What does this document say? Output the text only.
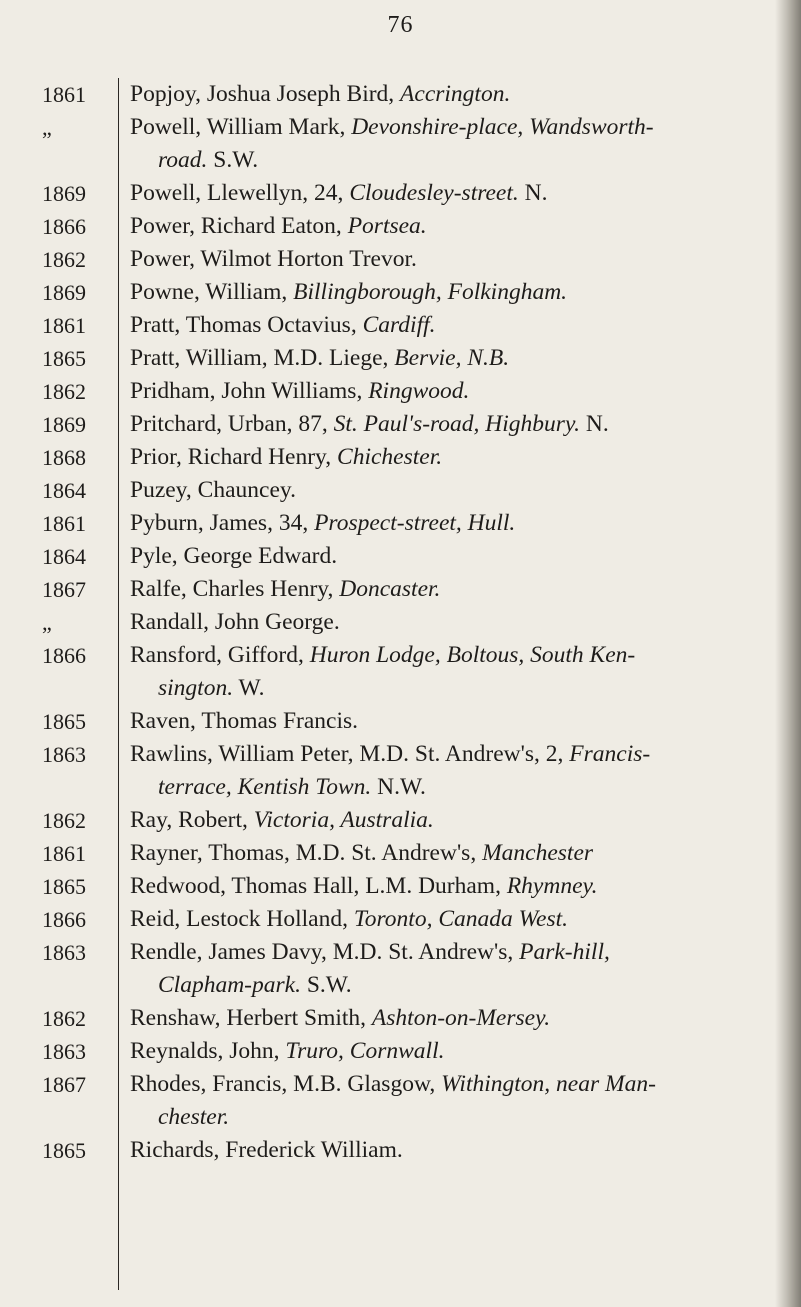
76
1861	Popjoy, Joshua Joseph Bird, Accrington.
„	Powell, William Mark, Devonshire-place, Wandsworth-
road. S.W.
1869	Powell, Llewellyn, 24, Cloudesley-street. N.
1866	Power, Richard Eaton, Portsea.
1862	Power, Wilmot Horton Trevor.
1869	Powne, William, Billingborough, Folkingham.
1861	Pratt, Thomas Octavius, Cardiff.
1865	Pratt, William, M.D. Liege, Bervie, N.B.
1862	Pridham, John Williams, Ringwood.
1869	Pritchard, Urban, 87, St. Paul's-road, Highbury. N.
1868	Prior, Richard Henry, Chichester.
1864	Puzey, Chauncey.
1861	Pyburn, James, 34, Prospect-street, Hull.
1864	Pyle, George Edward.
1867	Ralfe, Charles Henry, Doncaster.
„	Randall, John George.
1866	Ransford, Gifford, Huron Lodge, Boltous, South Ken-
sington. W.
1865	Raven, Thomas Francis.
1863	Rawlins, William Peter, M.D. St. Andrew's, 2, Francis-
terrace, Kentish Town. N.W.
1862	Ray, Robert, Victoria, Australia.
1861	Rayner, Thomas, M.D. St. Andrew's, Manchester
1865	Redwood, Thomas Hall, L.M. Durham, Rhymney.
1866	Reid, Lestock Holland, Toronto, Canada West.
1863	Rendle, James Davy, M.D. St. Andrew's, Park-hill,
Clapham-park. S.W.
1862	Renshaw, Herbert Smith, Ashton-on-Mersey.
1863	Reynalds, John, Truro, Cornwall.
1867	Rhodes, Francis, M.B. Glasgow, Withington, near Man-
chester.
1865	Richards, Frederick William.
